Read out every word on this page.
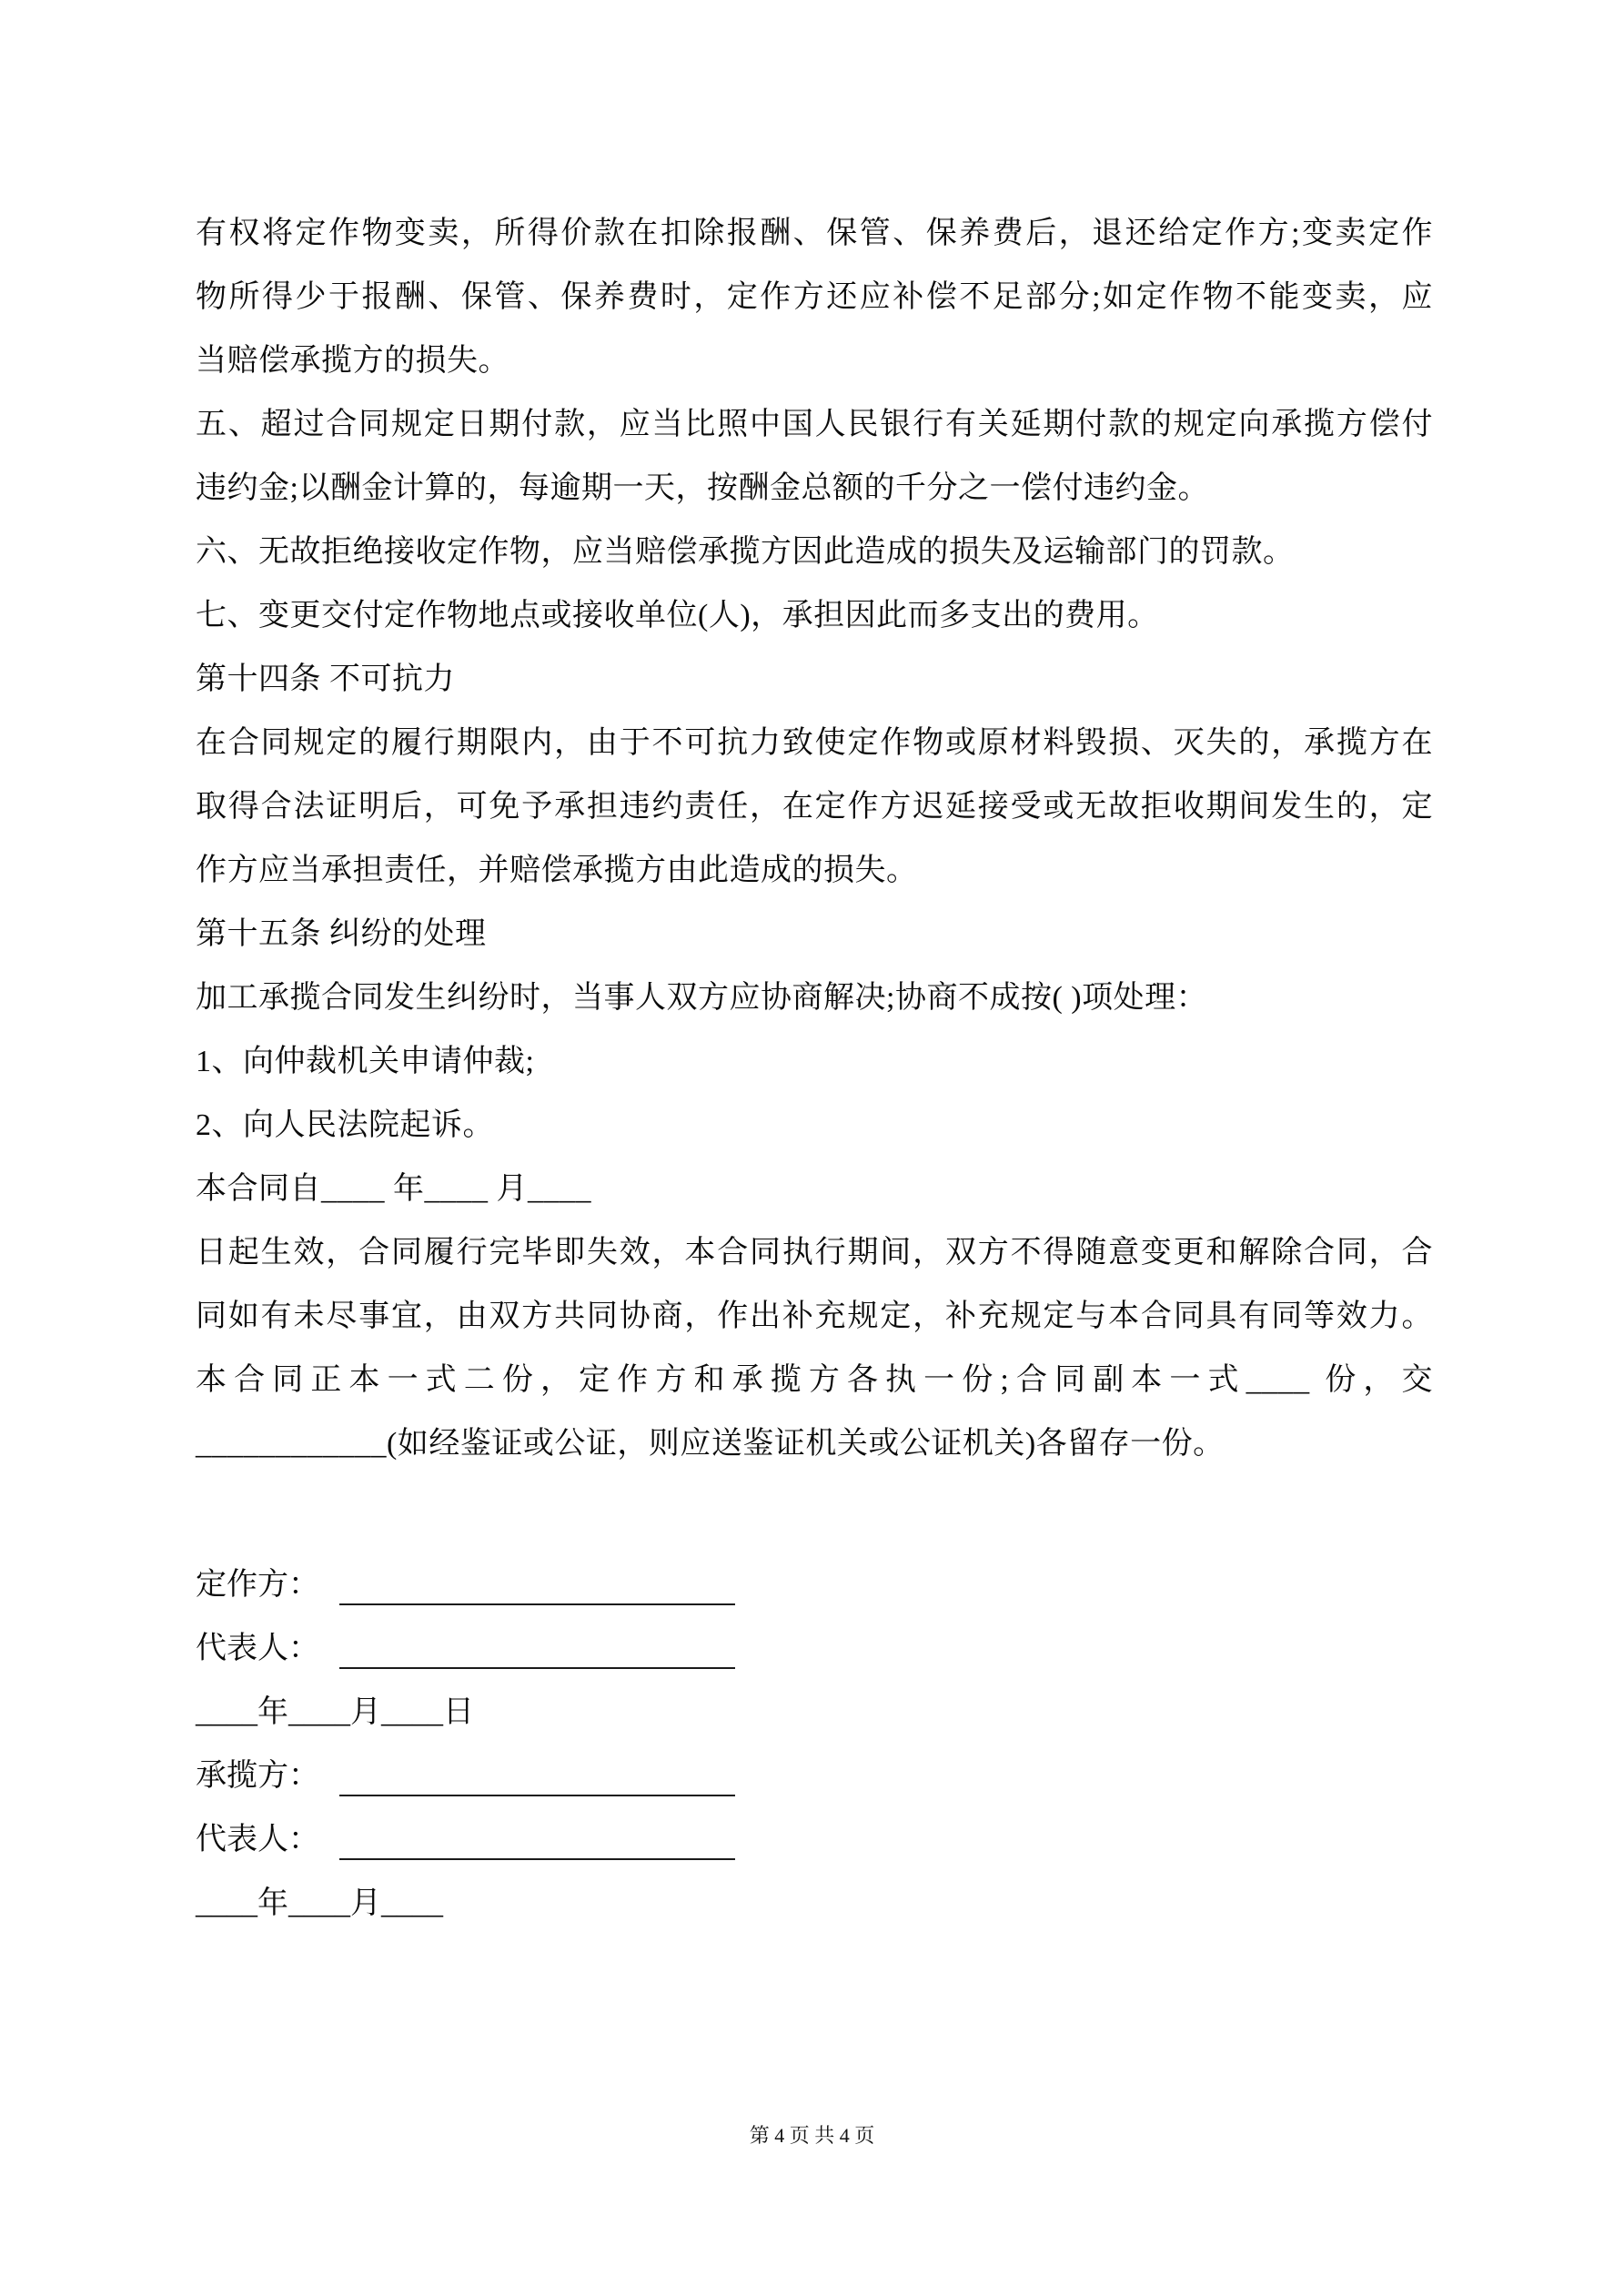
有权将定作物变卖，所得价款在扣除报酬、保管、保养费后，退还给定作方;变卖定作
物所得少于报酬、保管、保养费时，定作方还应补偿不足部分;如定作物不能变卖，应
当赔偿承揽方的损失。
五、超过合同规定日期付款，应当比照中国人民银行有关延期付款的规定向承揽方偿付
违约金;以酬金计算的，每逾期一天，按酬金总额的千分之一偿付违约金。
六、无故拒绝接收定作物，应当赔偿承揽方因此造成的损失及运输部门的罚款。
七、变更交付定作物地点或接收单位(人)，承担因此而多支出的费用。
第十四条 不可抗力
在合同规定的履行期限内，由于不可抗力致使定作物或原材料毁损、灭失的，承揽方在
取得合法证明后，可免予承担违约责任，在定作方迟延接受或无故拒收期间发生的，定
作方应当承担责任，并赔偿承揽方由此造成的损失。
第十五条 纠纷的处理
加工承揽合同发生纠纷时，当事人双方应协商解决;协商不成按( )项处理：
1、向仲裁机关申请仲裁;
2、向人民法院起诉。
本合同自____ 年____ 月____
日起生效，合同履行完毕即失效，本合同执行期间，双方不得随意变更和解除合同，合
同如有未尽事宜，由双方共同协商，作出补充规定，补充规定与本合同具有同等效力。
本合同正本一式二份，定作方和承揽方各执一份;合同副本一式____ 份，交
____________(如经鉴证或公证，则应送鉴证机关或公证机关)各留存一份。
定作方：
代表人：
____年____月____日
承揽方：
代表人：
____年____月____
第 4 页 共 4 页
